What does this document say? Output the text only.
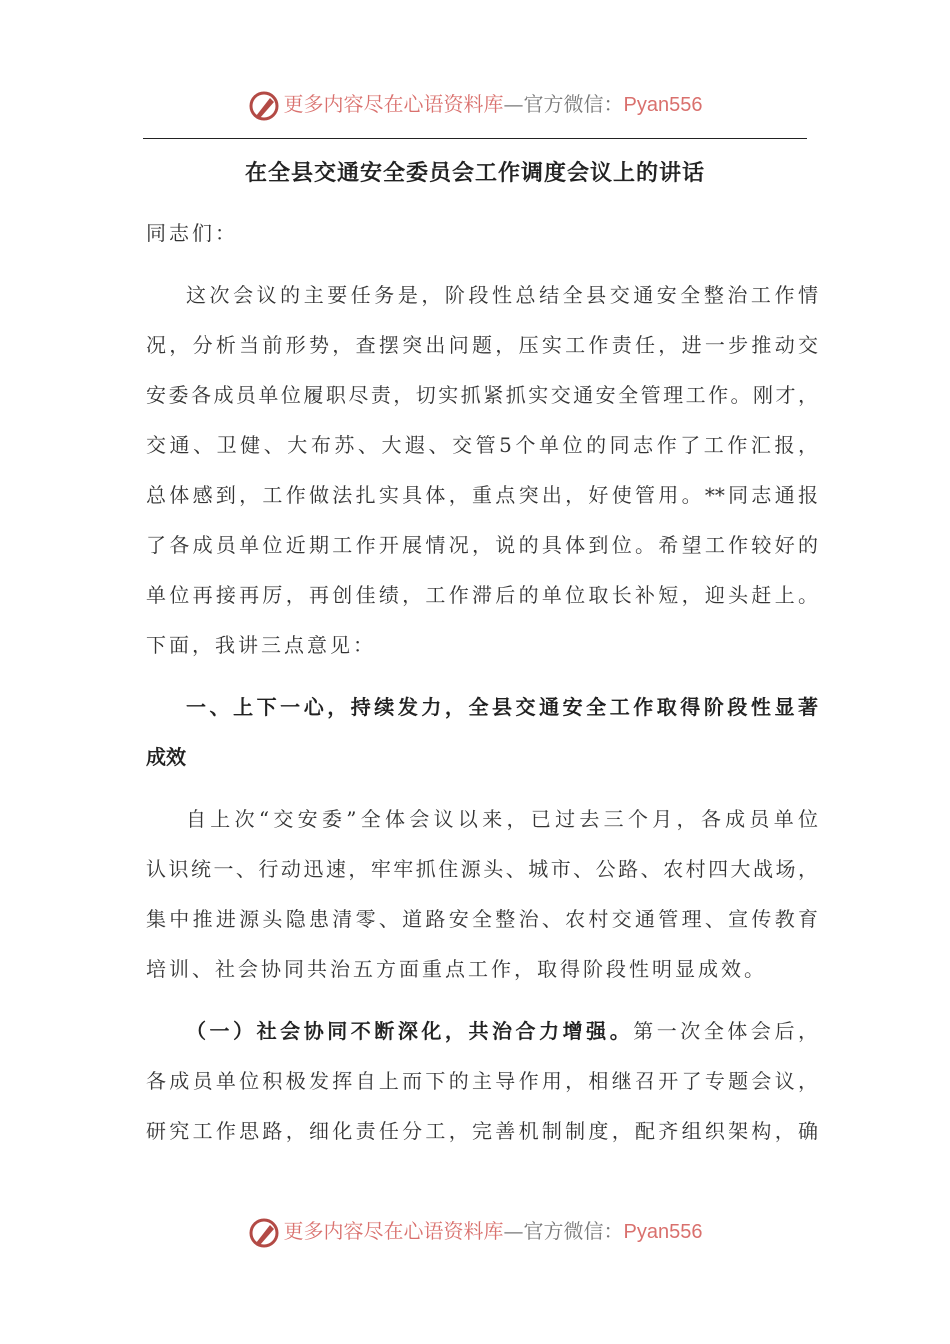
更多内容尽在心语资料库—官方微信：Pyan556
在全县交通安全委员会工作调度会议上的讲话
同志们：
这次会议的主要任务是，阶段性总结全县交通安全整治工作情
况，分析当前形势，查摆突出问题，压实工作责任，进一步推动交
安委各成员单位履职尽责，切实抓紧抓实交通安全管理工作。刚才，
交通、卫健、大布苏、大遐、交管5个单位的同志作了工作汇报，
总体感到，工作做法扎实具体，重点突出，好使管用。**同志通报
了各成员单位近期工作开展情况，说的具体到位。希望工作较好的
单位再接再厉，再创佳绩，工作滞后的单位取长补短，迎头赶上。
下面，我讲三点意见：
一、上下一心，持续发力，全县交通安全工作取得阶段性显著
成效
自上次“交安委”全体会议以来，已过去三个月，各成员单位
认识统一、行动迅速，牢牢抓住源头、城市、公路、农村四大战场，
集中推进源头隐患清零、道路安全整治、农村交通管理、宣传教育
培训、社会协同共治五方面重点工作，取得阶段性明显成效。
（一）社会协同不断深化，共治合力增强。第一次全体会后，
各成员单位积极发挥自上而下的主导作用，相继召开了专题会议，
研究工作思路，细化责任分工，完善机制制度，配齐组织架构，确
更多内容尽在心语资料库—官方微信：Pyan556
